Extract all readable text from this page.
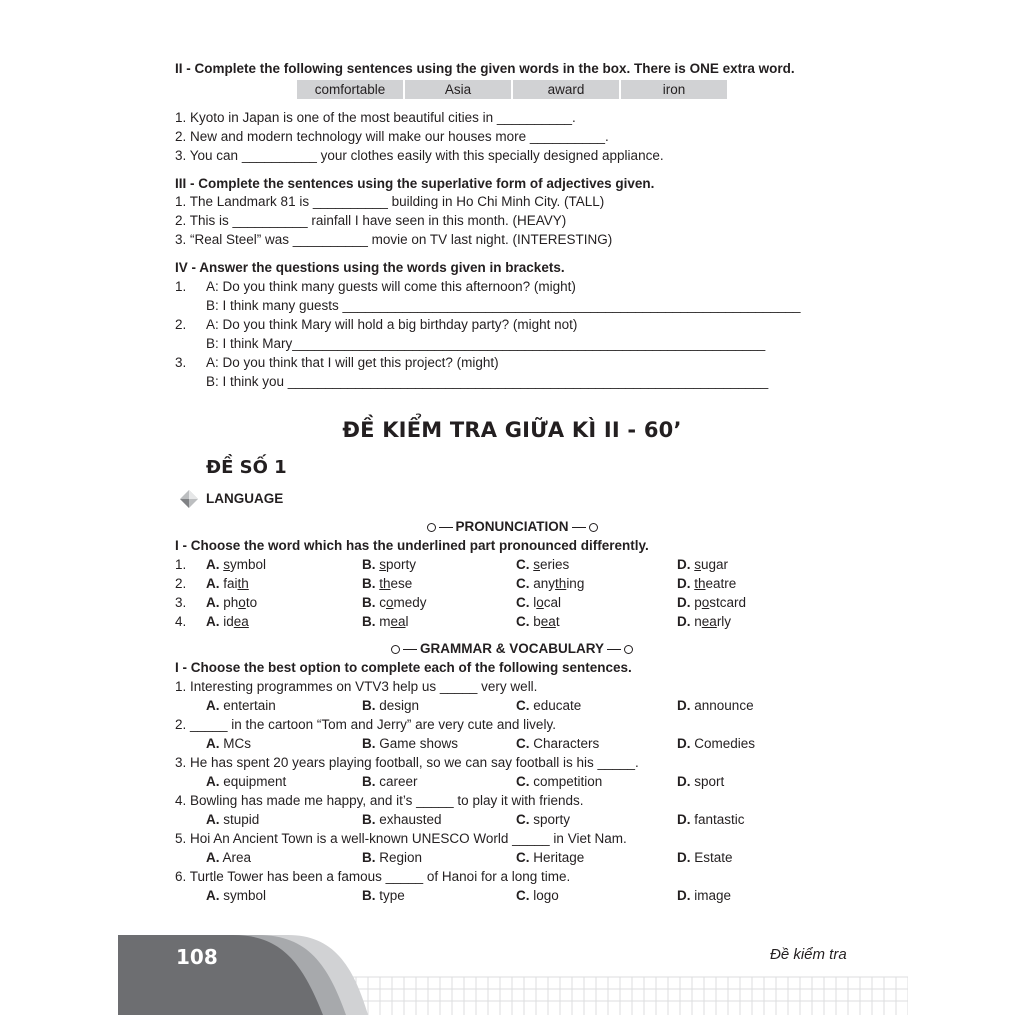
II - Complete the following sentences using the given words in the box. There is ONE extra word.
comfortable	Asia	award	iron
1. Kyoto in Japan is one of the most beautiful cities in __________.
2. New and modern technology will make our houses more __________.
3. You can __________ your clothes easily with this specially designed appliance.
III - Complete the sentences using the superlative form of adjectives given.
1. The Landmark 81 is __________ building in Ho Chi Minh City. (TALL)
2. This is __________ rainfall I have seen in this month. (HEAVY)
3. “Real Steel” was __________ movie on TV last night. (INTERESTING)
IV - Answer the questions using the words given in brackets.
1. A: Do you think many guests will come this afternoon? (might)
B: I think many guests _____________________________________________________________
2. A: Do you think Mary will hold a big birthday party? (might not)
B: I think Mary_______________________________________________________________
3. A: Do you think that I will get this project? (might)
B: I think you ________________________________________________________________
ĐỀ KIỂM TRA GIỮA KÌ II - 60’
ĐỀ SỐ 1
LANGUAGE
PRONUNCIATION
I - Choose the word which has the underlined part pronounced differently.
1. A. symbol	B. sporty	C. series	D. sugar
2. A. faith	B. these	C. anything	D. theatre
3. A. photo	B. comedy	C. local	D. postcard
4. A. idea	B. meal	C. beat	D. nearly
GRAMMAR & VOCABULARY
I - Choose the best option to complete each of the following sentences.
1. Interesting programmes on VTV3 help us _____ very well.
A. entertain	B. design	C. educate	D. announce
2. _____ in the cartoon “Tom and Jerry” are very cute and lively.
A. MCs	B. Game shows	C. Characters	D. Comedies
3. He has spent 20 years playing football, so we can say football is his _____.
A. equipment	B. career	C. competition	D. sport
4. Bowling has made me happy, and it’s _____ to play it with friends.
A. stupid	B. exhausted	C. sporty	D. fantastic
5. Hoi An Ancient Town is a well-known UNESCO World _____ in Viet Nam.
A. Area	B. Region	C. Heritage	D. Estate
6. Turtle Tower has been a famous _____ of Hanoi for a long time.
A. symbol	B. type	C. logo	D. image
108	Đề kiểm tra
